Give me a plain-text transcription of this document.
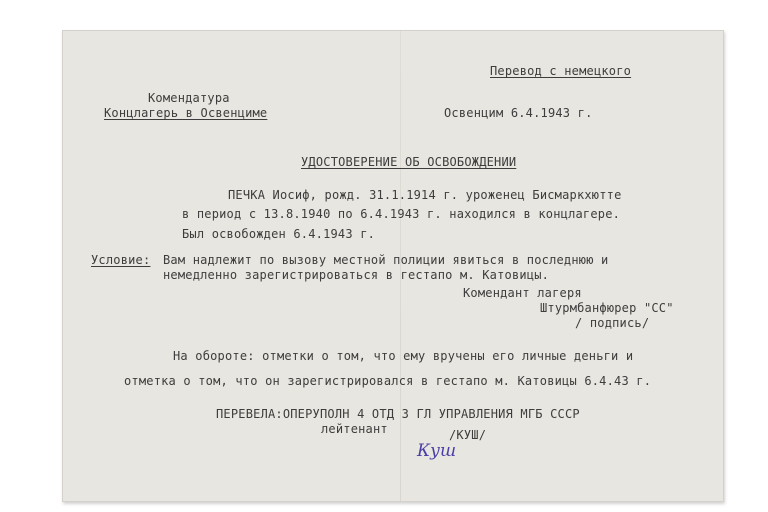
Перевод с немецкого
Комендатура
Концлагерь в Освенциме	Освенцим 6.4.1943 г.
УДОСТОВЕРЕНИЕ ОБ ОСВОБОЖДЕНИИ
ПЕЧКА Иосиф, рожд. 31.1.1914 г. уроженец Бисмаркхютте
в период с 13.8.1940 по 6.4.1943 г. находился в концлагере.
Был освобожден 6.4.1943 г.
Условие: Вам надлежит по вызову местной полиции явиться в последнюю и
немедленно зарегистрироваться в гестапо м. Катовицы.
Комендант лагеря
Штурмбанфюрер "СС"
/ подпись/
На обороте: отметки о том, что ему вручены его личные деньги и
отметка о том, что он зарегистрировался в гестапо м. Катовицы 6.4.43 г.
ПЕРЕВЕЛА:ОПЕРУПОЛН 4 ОТД 3 ГЛ УПРАВЛЕНИЯ МГБ СССР
лейтенант	/КУШ/
Куш
